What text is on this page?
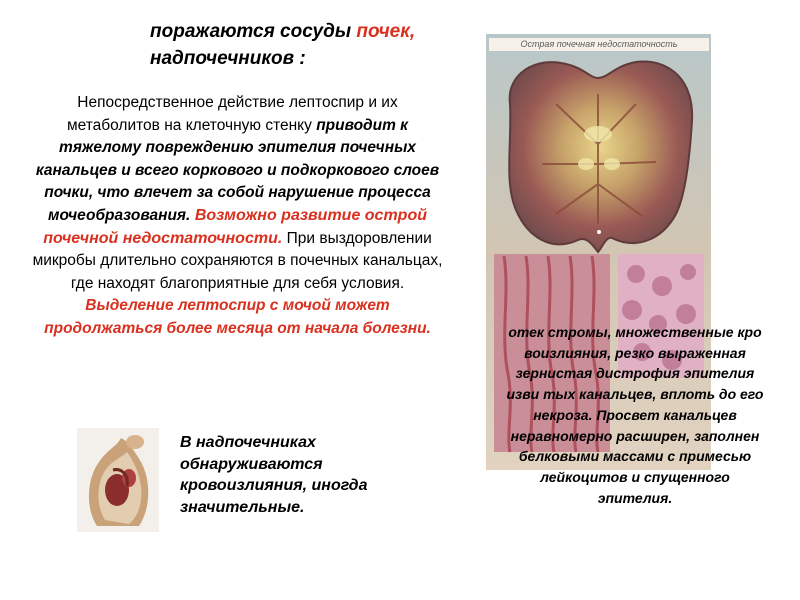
поражаются сосуды почек,
надпочечников :
Непосредственное действие лептоспир и их метаболитов на клеточную стенку приводит к тяжелому повреждению эпителия почечных канальцев и всего коркового и подкоркового слоев почки, что влечет за собой нарушение процесса мочеобразования. Возможно развитие острой почечной недостаточности. При выздоровлении микробы длительно сохраняются в почечных канальцах, где находят благоприятные для себя условия. Выделение лептоспир с мочой может продолжаться более месяца от начала болезни.
В надпочечниках обнаруживаются кровоизлияния, иногда значительные.
Острая почечная недостаточность
отек стромы, множественные кро воизлияния, резко выраженная зернистая дистрофия эпителия изви тых канальцев, вплоть до его некроза. Просвет канальцев неравномерно расширен, заполнен белковыми массами с примесью лейкоцитов и спущенного эпителия.
